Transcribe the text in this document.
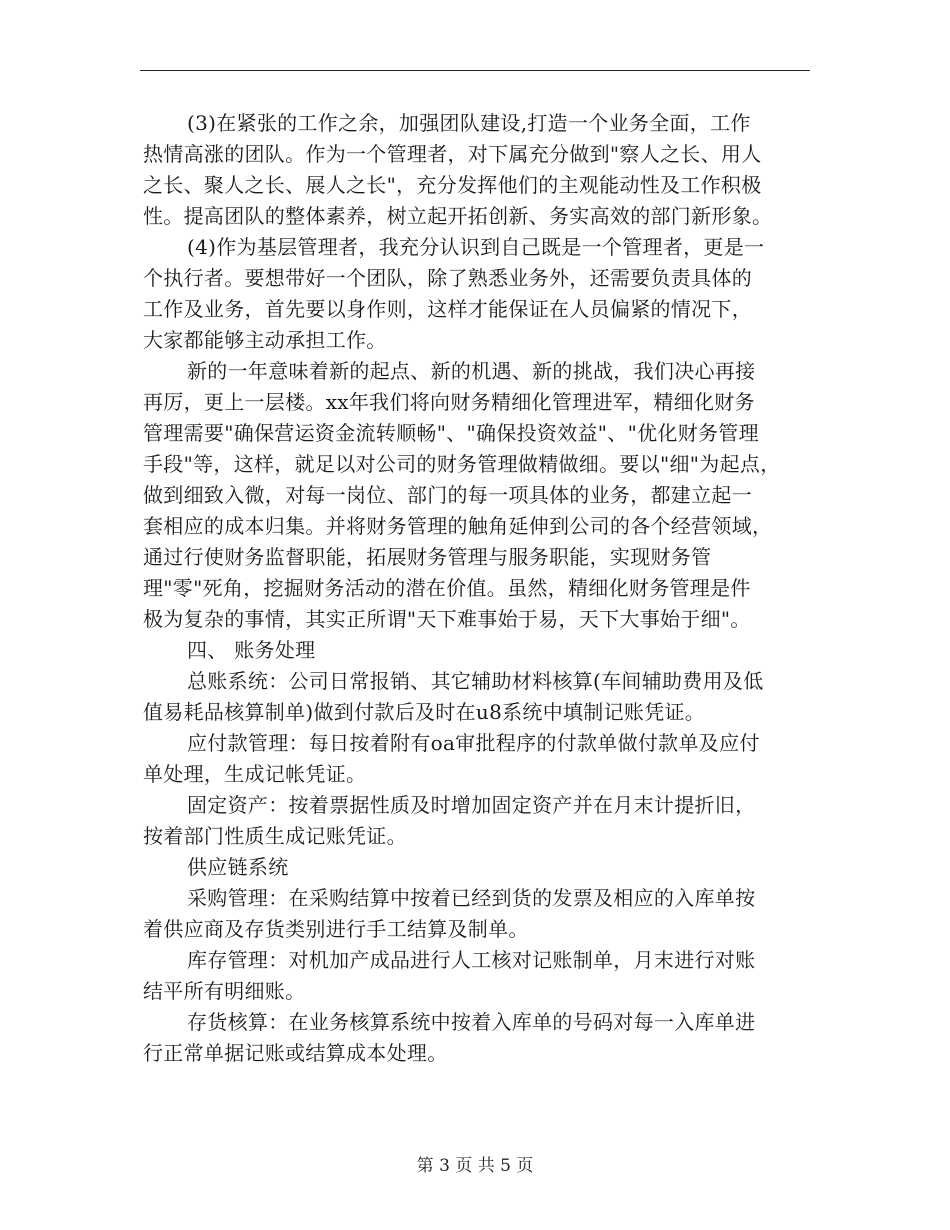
(3)在紧张的工作之余，加强团队建设,打造一个业务全面，工作
热情高涨的团队。作为一个管理者，对下属充分做到"察人之长、用人
之长、聚人之长、展人之长"，充分发挥他们的主观能动性及工作积极
性。提高团队的整体素养，树立起开拓创新、务实高效的部门新形象。
(4)作为基层管理者，我充分认识到自己既是一个管理者，更是一
个执行者。要想带好一个团队，除了熟悉业务外，还需要负责具体的
工作及业务，首先要以身作则，这样才能保证在人员偏紧的情况下，
大家都能够主动承担工作。
新的一年意味着新的起点、新的机遇、新的挑战，我们决心再接
再厉，更上一层楼。xx年我们将向财务精细化管理进军，精细化财务
管理需要"确保营运资金流转顺畅"、"确保投资效益"、"优化财务管理
手段"等，这样，就足以对公司的财务管理做精做细。要以"细"为起点，
做到细致入微，对每一岗位、部门的每一项具体的业务，都建立起一
套相应的成本归集。并将财务管理的触角延伸到公司的各个经营领域，
通过行使财务监督职能，拓展财务管理与服务职能，实现财务管
理"零"死角，挖掘财务活动的潜在价值。虽然，精细化财务管理是件
极为复杂的事情，其实正所谓"天下难事始于易，天下大事始于细"。
四、 账务处理
总账系统：公司日常报销、其它辅助材料核算(车间辅助费用及低
值易耗品核算制单)做到付款后及时在u8系统中填制记账凭证。
应付款管理：每日按着附有oa审批程序的付款单做付款单及应付
单处理，生成记帐凭证。
固定资产：按着票据性质及时增加固定资产并在月末计提折旧，
按着部门性质生成记账凭证。
供应链系统
采购管理：在采购结算中按着已经到货的发票及相应的入库单按
着供应商及存货类别进行手工结算及制单。
库存管理：对机加产成品进行人工核对记账制单，月末进行对账
结平所有明细账。
存货核算：在业务核算系统中按着入库单的号码对每一入库单进
行正常单据记账或结算成本处理。
第 3 页 共 5 页
